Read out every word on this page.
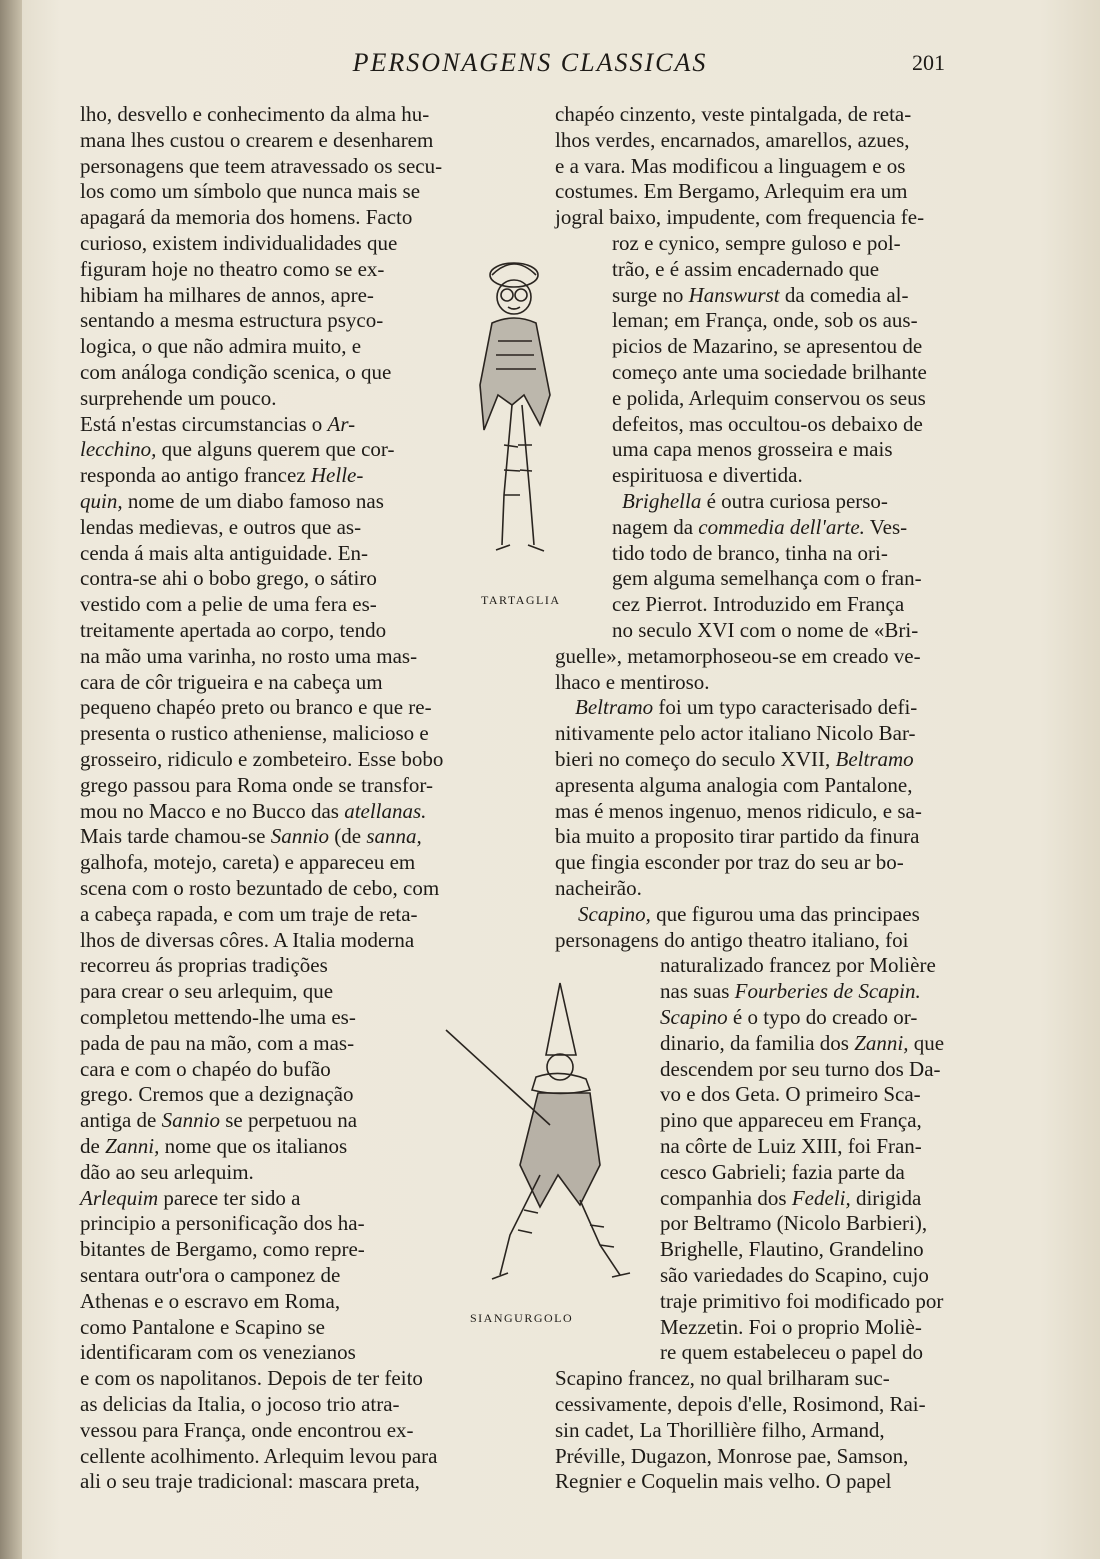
PERSONAGENS CLASSICAS	201
lho, desvello e conhecimento da alma hu-
mana lhes custou o crearem e desenharem
personagens que teem atravessado os secu-
los como um símbolo que nunca mais se
apagará da memoria dos homens. Facto
curioso, existem individualidades que
figuram hoje no theatro como se ex-
hibiam ha milhares de annos, apre-
sentando a mesma estructura psyco-
logica, o que não admira muito, e
com análoga condição scenica, o que
surprehende um pouco.
Está n'estas circumstancias o Ar-
lecchino, que alguns querem que cor-
responda ao antigo francez Helle-
quin, nome de um diabo famoso nas
lendas medievas, e outros que as-
cenda á mais alta antiguidade. En-
contra-se ahi o bobo grego, o sátiro
vestido com a pelie de uma fera es-
treitamente apertada ao corpo, tendo
na mão uma varinha, no rosto uma mas-
cara de côr trigueira e na cabeça um
pequeno chapéo preto ou branco e que re-
presenta o rustico atheniense, malicioso e
grosseiro, ridiculo e zombeteiro. Esse bobo
grego passou para Roma onde se transfor-
mou no Macco e no Bucco das atellanas.
Mais tarde chamou-se Sannio (de sanna,
galhofa, motejo, careta) e appareceu em
scena com o rosto bezuntado de cebo, com
a cabeça rapada, e com um traje de reta-
lhos de diversas côres. A Italia moderna
recorreu ás proprias tradições
para crear o seu arlequim, que
completou mettendo-lhe uma es-
pada de pau na mão, com a mas-
cara e com o chapéo do bufão
grego. Cremos que a dezignação
antiga de Sannio se perpetuou na
de Zanni, nome que os italianos
dão ao seu arlequim.
Arlequim parece ter sido a
principio a personificação dos ha-
bitantes de Bergamo, como repre-
sentara outr'ora o camponez de
Athenas e o escravo em Roma,
como Pantalone e Scapino se
identificaram com os venezianos
e com os napolitanos. Depois de ter feito
as delicias da Italia, o jocoso trio atra-
vessou para França, onde encontrou ex-
cellente acolhimento. Arlequim levou para
ali o seu traje tradicional: mascara preta,
chapéo cinzento, veste pintalgada, de reta-
lhos verdes, encarnados, amarellos, azues,
e a vara. Mas modificou a linguagem e os
costumes. Em Bergamo, Arlequim era um
jogral baixo, impudente, com frequencia fe-
roz e cynico, sempre guloso e pol-
trão, e é assim encadernado que
surge no Hanswurst da comedia al-
leman; em França, onde, sob os aus-
picios de Mazarino, se apresentou de
começo ante uma sociedade brilhante
e polida, Arlequim conservou os seus
defeitos, mas occultou-os debaixo de
uma capa menos grosseira e mais
espirituosa e divertida.
Brighella é outra curiosa perso-
nagem da commedia dell'arte. Ves-
tido todo de branco, tinha na ori-
gem alguma semelhança com o fran-
cez Pierrot. Introduzido em França
no seculo XVI com o nome de «Bri-
guelle», metamorphoseou-se em creado ve-
lhaco e mentiroso.
Beltramo foi um typo caracterisado defi-
nitivamente pelo actor italiano Nicolo Bar-
bieri no começo do seculo XVII, Beltramo
apresenta alguma analogia com Pantalone,
mas é menos ingenuo, menos ridiculo, e sa-
bia muito a proposito tirar partido da finura
que fingia esconder por traz do seu ar bo-
nacheirão.
Scapino, que figurou uma das principaes
personagens do antigo theatro italiano, foi
naturalizado francez por Molière
nas suas Fourberies de Scapin.
Scapino é o typo do creado or-
dinario, da familia dos Zanni, que
descendem por seu turno dos Da-
vo e dos Geta. O primeiro Sca-
pino que appareceu em França,
na côrte de Luiz XIII, foi Fran-
cesco Gabrieli; fazia parte da
companhia dos Fedeli, dirigida
por Beltramo (Nicolo Barbieri),
Brighelle, Flautino, Grandelino
são variedades do Scapino, cujo
traje primitivo foi modificado por
Mezzetin. Foi o proprio Moliè-
re quem estabeleceu o papel do
Scapino francez, no qual brilharam suc-
cessivamente, depois d'elle, Rosimond, Rai-
sin cadet, La Thorillière filho, Armand,
Préville, Dugazon, Monrose pae, Samson,
Regnier e Coquelin mais velho. O papel
TARTAGLIA
SIANGURGOLO
